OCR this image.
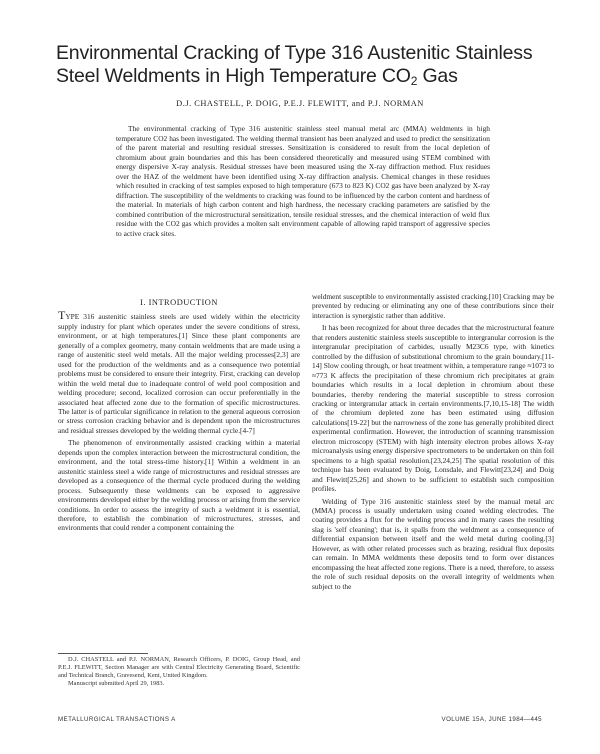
Environmental Cracking of Type 316 Austenitic Stainless
Steel Weldments in High Temperature $CO_2$ Gas
D.J. CHASTELL, P. DOIG, P.E.J. FLEWITT, and P.J. NORMAN

The environmental cracking of Type 316 austenitic stainless steel manual metal arc (MMA) weldments in high temperature CO2 has been investigated. The welding thermal transient has been analyzed and used to predict the sensitization of the parent material and resulting residual stresses. Sensitization is considered to result from the local depletion of chromium about grain boundaries and this has been considered theoretically and measured using STEM combined with energy dispersive X-ray analysis. Residual stresses have been measured using the X-ray diffraction method. Flux residues over the HAZ of the weldment have been identified using X-ray diffraction analysis. Chemical changes in these residues which resulted in cracking of test samples exposed to high temperature (673 to 823 K) CO2 gas have been analyzed by X-ray diffraction. The susceptibility of the weldments to cracking was found to be influenced by the carbon content and hardness of the material. In materials of high carbon content and high hardness, the necessary cracking parameters are satisfied by the combined contribution of the microstructural sensitization, tensile residual stresses, and the chemical interaction of weld flux residue with the CO2 gas which provides a molten salt environment capable of allowing rapid transport of aggressive species to active crack sites.

I. INTRODUCTION

TYPE 316 austenitic stainless steels are used widely within the electricity supply industry for plant which operates under the severe conditions of stress, environment, or at high temperatures.[1] Since these plant components are generally of a complex geometry, many contain weldments that are made using a range of austenitic steel weld metals. All the major welding processes[2,3] are used for the production of the weldments and as a consequence two potential problems must be considered to ensure their integrity. First, cracking can develop within the weld metal due to inadequate control of weld pool composition and welding procedure; second, localized corrosion can occur preferentially in the associated heat affected zone due to the formation of specific microstructures. The latter is of particular significance in relation to the general aqueous corrosion or stress corrosion cracking behavior and is dependent upon the microstructures and residual stresses developed by the welding thermal cycle.[4-7]

The phenomenon of environmentally assisted cracking within a material depends upon the complex interaction between the microstructural condition, the environment, and the total stress-time history.[1] Within a weldment in an austenitic stainless steel a wide range of microstructures and residual stresses are developed as a consequence of the thermal cycle produced during the welding process. Subsequently these weldments can be exposed to aggressive environments developed either by the welding process or arising from the service conditions. In order to assess the integrity of such a weldment it is essential, therefore, to establish the combination of microstructures, stresses, and environments that could render a component containing the

D.J. CHASTELL and P.J. NORMAN, Research Officers, P. DOIG, Group Head, and P.E.J. FLEWITT, Section Manager are with Central Electricity Generating Board, Scientific and Technical Branch, Gravesend, Kent, United Kingdom.

Manuscript submitted April 29, 1983.

weldment susceptible to environmentally assisted cracking.[10] Cracking may be prevented by reducing or eliminating any one of these contributions since their interaction is synergistic rather than additive.

It has been recognized for about three decades that the microstructural feature that renders austenitic stainless steels susceptible to intergranular corrosion is the intergranular precipitation of carbides, usually M23C6 type, with kinetics controlled by the diffusion of substitutional chromium to the grain boundary.[11-14] Slow cooling through, or heat treatment within, a temperature range ≈1073 to ≈773 K affects the precipitation of these chromium rich precipitates at grain boundaries which results in a local depletion in chromium about these boundaries, thereby rendering the material susceptible to stress corrosion cracking or intergranular attack in certain environments.[7,10,15-18] The width of the chromium depleted zone has been estimated using diffusion calculations[19-22] but the narrowness of the zone has generally prohibited direct experimental confirmation. However, the introduction of scanning transmission electron microscopy (STEM) with high intensity electron probes allows X-ray microanalysis using energy dispersive spectrometers to be undertaken on thin foil specimens to a high spatial resolution.[23,24,25] The spatial resolution of this technique has been evaluated by Doig, Lonsdale, and Flewitt[23,24] and Doig and Flewitt[25,26] and shown to be sufficient to establish such composition profiles.

Welding of Type 316 austenitic stainless steel by the manual metal arc (MMA) process is usually undertaken using coated welding electrodes. The coating provides a flux for the welding process and in many cases the resulting slag is 'self cleaning'; that is, it spalls from the weldment as a consequence of differential expansion between itself and the weld metal during cooling.[3] However, as with other related processes such as brazing, residual flux deposits can remain. In MMA weldments these deposits tend to form over distances encompassing the heat affected zone regions. There is a need, therefore, to assess the role of such residual deposits on the overall integrity of weldments when subject to the

METALLURGICAL TRANSACTIONS A	VOLUME 15A, JUNE 1984—445
